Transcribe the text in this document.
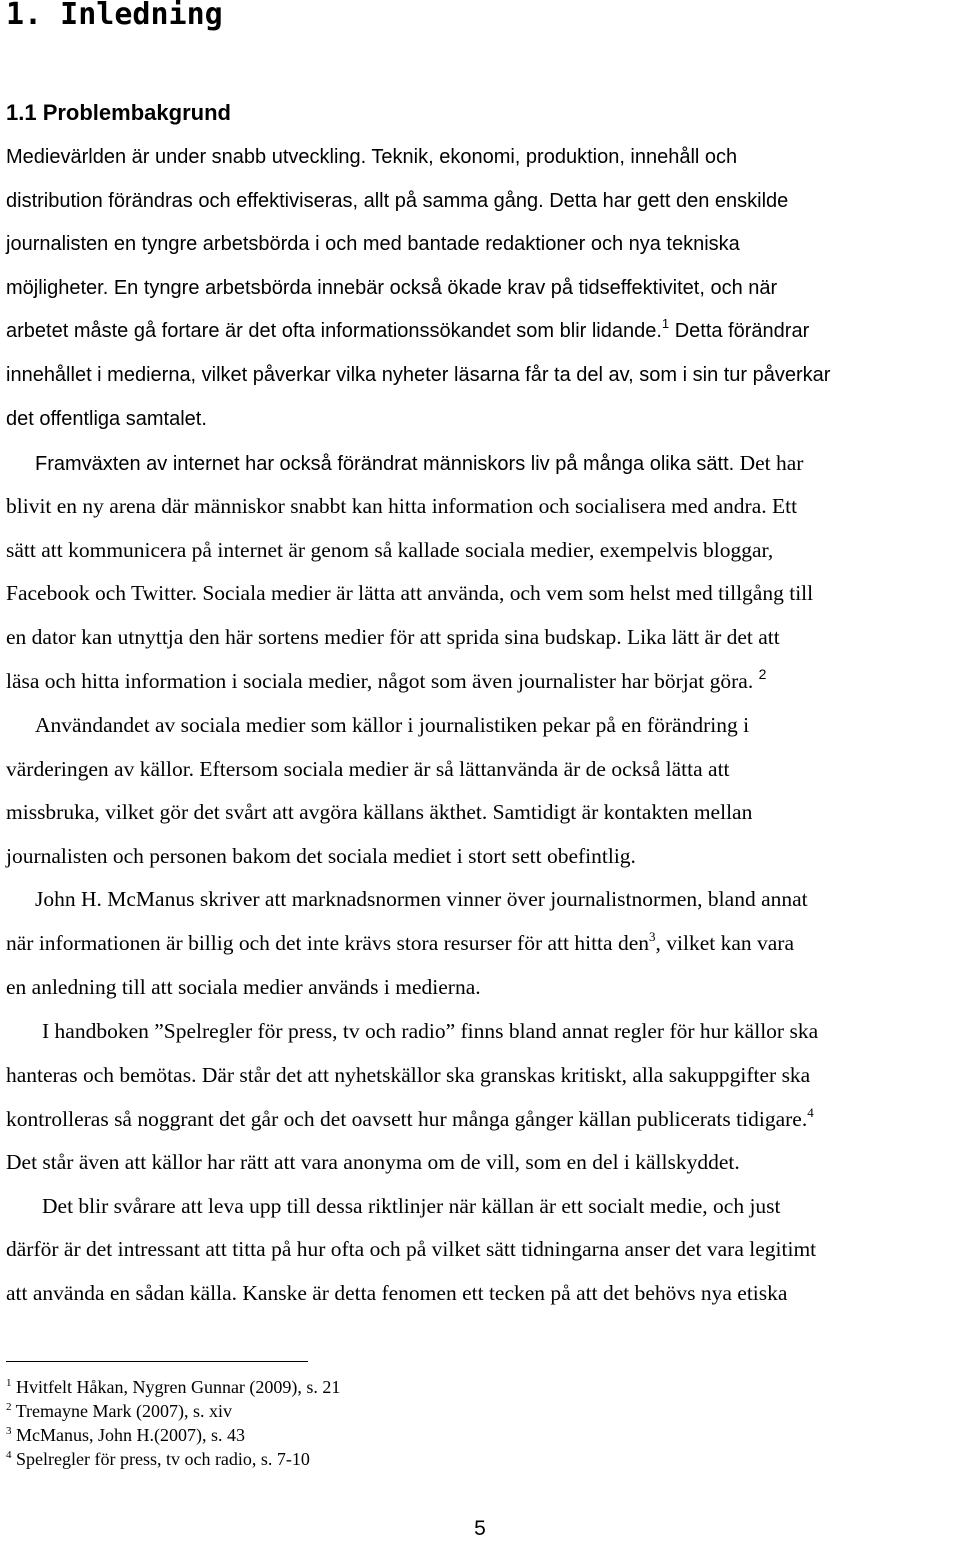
1. Inledning
1.1 Problembakgrund
Medievärlden är under snabb utveckling. Teknik, ekonomi, produktion, innehåll och
distribution förändras och effektiviseras, allt på samma gång. Detta har gett den enskilde
journalisten en tyngre arbetsbörda i och med bantade redaktioner och nya tekniska
möjligheter. En tyngre arbetsbörda innebär också ökade krav på tidseffektivitet, och när
arbetet måste gå fortare är det ofta informationssökandet som blir lidande.$^1$ Detta förändrar
innehållet i medierna, vilket påverkar vilka nyheter läsarna får ta del av, som i sin tur påverkar
det offentliga samtalet.
Framväxten av internet har också förändrat människors liv på många olika sätt. Det har
blivit en ny arena där människor snabbt kan hitta information och socialisera med andra. Ett
sätt att kommunicera på internet är genom så kallade sociala medier, exempelvis bloggar,
Facebook och Twitter. Sociala medier är lätta att använda, och vem som helst med tillgång till
en dator kan utnyttja den här sortens medier för att sprida sina budskap. Lika lätt är det att
läsa och hitta information i sociala medier, något som även journalister har börjat göra. $^2$
Användandet av sociala medier som källor i journalistiken pekar på en förändring i
värderingen av källor. Eftersom sociala medier är så lättanvända är de också lätta att
missbruka, vilket gör det svårt att avgöra källans äkthet. Samtidigt är kontakten mellan
journalisten och personen bakom det sociala mediet i stort sett obefintlig.
John H. McManus skriver att marknadsnormen vinner över journalistnormen, bland annat
när informationen är billig och det inte krävs stora resurser för att hitta den$^3$, vilket kan vara
en anledning till att sociala medier används i medierna.
I handboken ”Spelregler för press, tv och radio” finns bland annat regler för hur källor ska
hanteras och bemötas. Där står det att nyhetskällor ska granskas kritiskt, alla sakuppgifter ska
kontrolleras så noggrant det går och det oavsett hur många gånger källan publicerats tidigare.$^4$
Det står även att källor har rätt att vara anonyma om de vill, som en del i källskyddet.
Det blir svårare att leva upp till dessa riktlinjer när källan är ett socialt medie, och just
därför är det intressant att titta på hur ofta och på vilket sätt tidningarna anser det vara legitimt
att använda en sådan källa. Kanske är detta fenomen ett tecken på att det behövs nya etiska
$^1$ Hvitfelt Håkan, Nygren Gunnar (2009), s. 21
$^2$ Tremayne Mark (2007), s. xiv
$^3$ McManus, John H.(2007), s. 43
$^4$ Spelregler för press, tv och radio, s. 7-10
5
